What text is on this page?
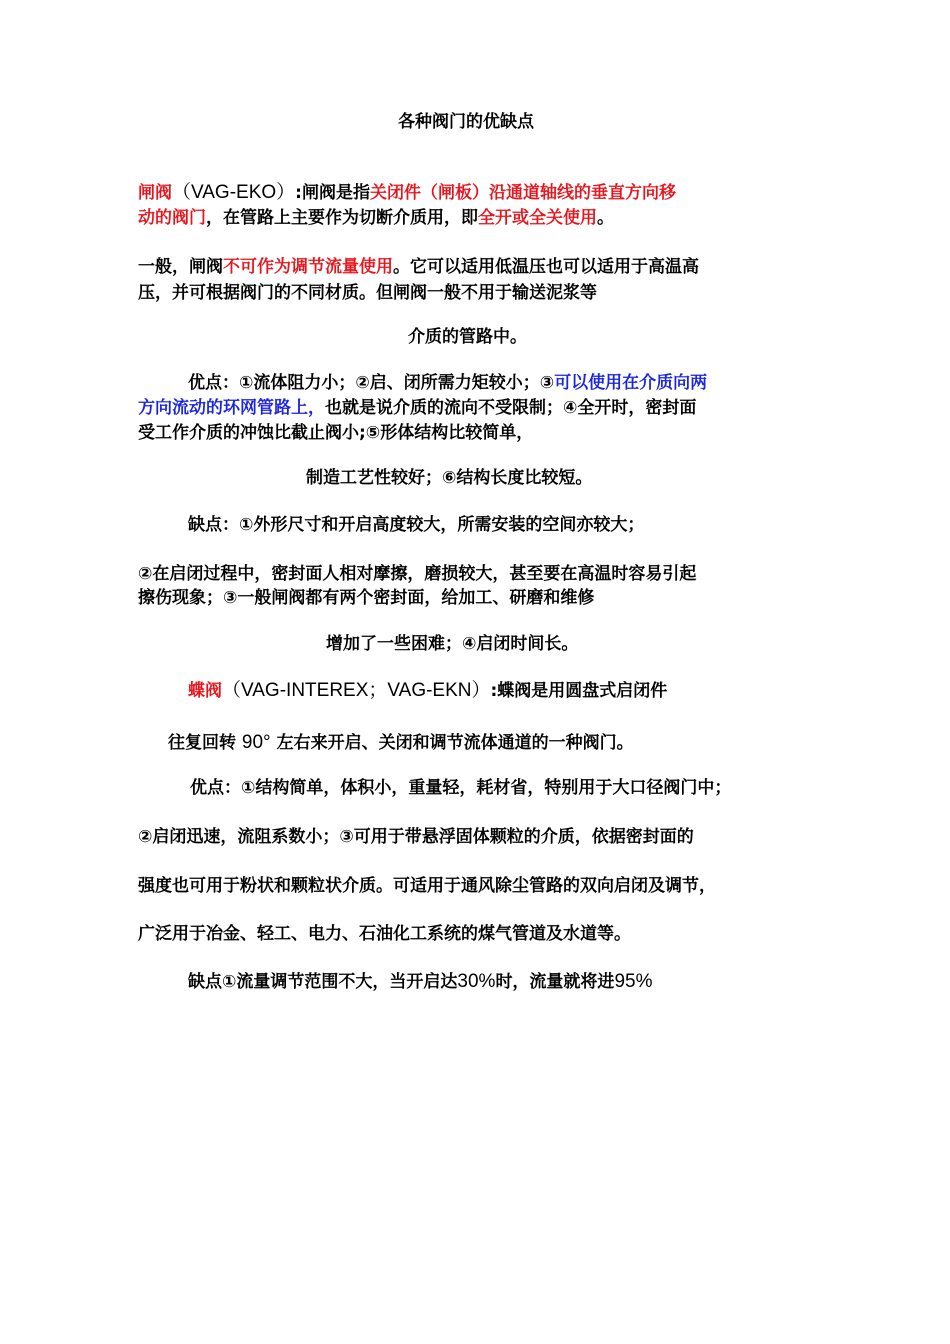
各种阀门的优缺点
闸阀（VAG-EKO）:闸阀是指关闭件（闸板）沿通道轴线的垂直方向移
动的阀门，在管路上主要作为切断介质用，即全开或全关使用。
一般，闸阀不可作为调节流量使用。它可以适用低温压也可以适用于高温高
压，并可根据阀门的不同材质。但闸阀一般不用于输送泥浆等
介质的管路中。
优点：①流体阻力小；②启、闭所需力矩较小；③可以使用在介质向两
方向流动的环网管路上，也就是说介质的流向不受限制；④全开时，密封面
受工作介质的冲蚀比截止阀小;⑤形体结构比较简单，
制造工艺性较好；⑥结构长度比较短。
缺点：①外形尺寸和开启高度较大，所需安装的空间亦较大；
②在启闭过程中，密封面人相对摩擦，磨损较大，甚至要在高温时容易引起
擦伤现象；③一般闸阀都有两个密封面，给加工、研磨和维修
增加了一些困难；④启闭时间长。
蝶阀（VAG-INTEREX；VAG-EKN）:蝶阀是用圆盘式启闭件
往复回转 90° 左右来开启、关闭和调节流体通道的一种阀门。
优点：①结构简单，体积小，重量轻，耗材省，特别用于大口径阀门中；
②启闭迅速，流阻系数小；③可用于带悬浮固体颗粒的介质，依据密封面的
强度也可用于粉状和颗粒状介质。可适用于通风除尘管路的双向启闭及调节，
广泛用于冶金、轻工、电力、石油化工系统的煤气管道及水道等。
缺点①流量调节范围不大，当开启达30%时，流量就将进95%
